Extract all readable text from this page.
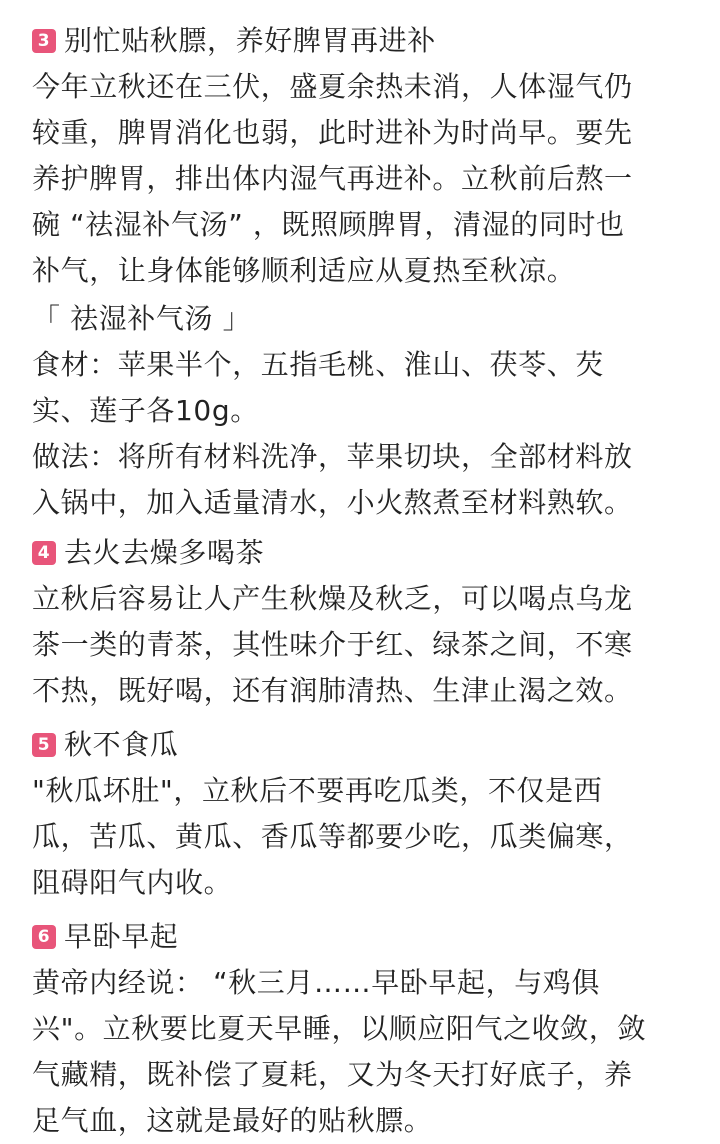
3 别忙贴秋膘，养好脾胃再进补
今年立秋还在三伏，盛夏余热未消，人体湿气仍
较重，脾胃消化也弱，此时进补为时尚早。要先
养护脾胃，排出体内湿气再进补。立秋前后熬一
碗 “祛湿补气汤” ，既照顾脾胃，清湿的同时也
补气，让身体能够顺利适应从夏热至秋凉。
「 祛湿补气汤 」
食材：苹果半个，五指毛桃、淮山、茯苓、芡
实、莲子各10g。
做法：将所有材料洗净，苹果切块，全部材料放
入锅中，加入适量清水，小火熬煮至材料熟软。
4 去火去燥多喝茶
立秋后容易让人产生秋燥及秋乏，可以喝点乌龙
茶一类的青茶，其性味介于红、绿茶之间，不寒
不热，既好喝，还有润肺清热、生津止渴之效。
5 秋不食瓜
"秋瓜坏肚"，立秋后不要再吃瓜类，不仅是西
瓜，苦瓜、黄瓜、香瓜等都要少吃，瓜类偏寒，
阻碍阳气内收。
6 早卧早起
黄帝内经说： “秋三月……早卧早起，与鸡俱
兴"。立秋要比夏天早睡，以顺应阳气之收敛，敛
气藏精，既补偿了夏耗，又为冬天打好底子，养
足气血，这就是最好的贴秋膘。
